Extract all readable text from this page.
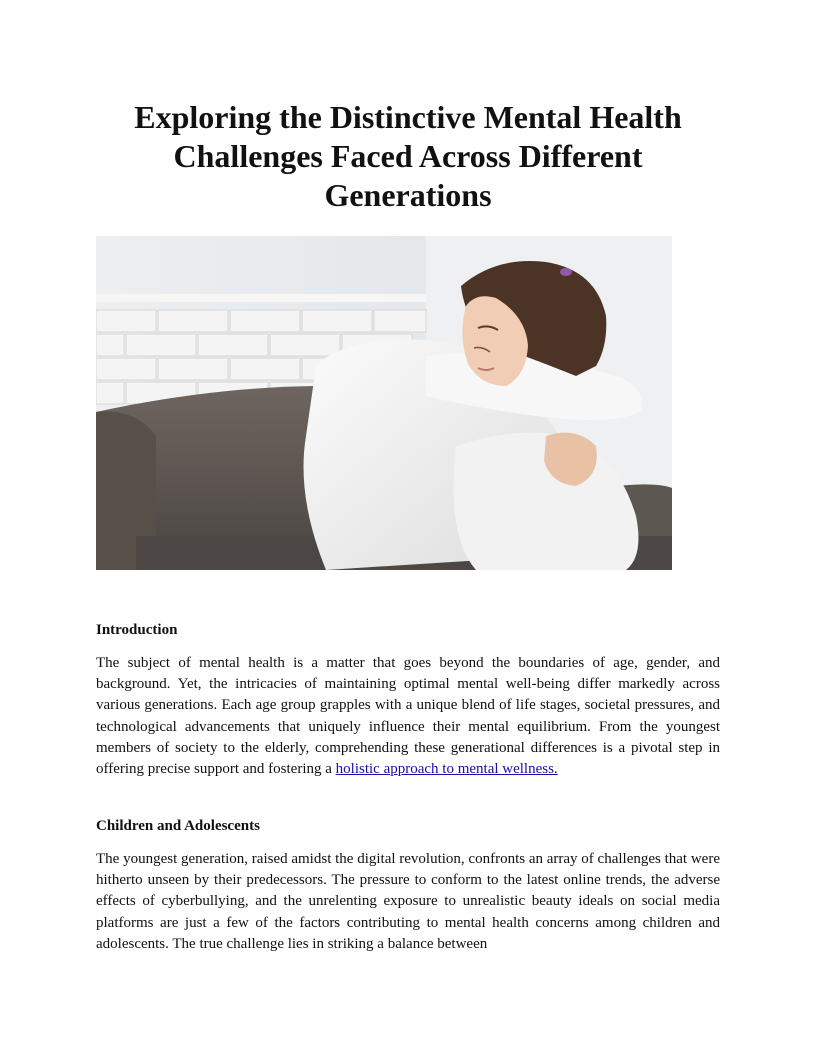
Exploring the Distinctive Mental Health Challenges Faced Across Different Generations
Introduction

The subject of mental health is a matter that goes beyond the boundaries of age, gender, and background. Yet, the intricacies of maintaining optimal mental well-being differ markedly across various generations. Each age group grapples with a unique blend of life stages, societal pressures, and technological advancements that uniquely influence their mental equilibrium. From the youngest members of society to the elderly, comprehending these generational differences is a pivotal step in offering precise support and fostering a holistic approach to mental wellness.

Children and Adolescents

The youngest generation, raised amidst the digital revolution, confronts an array of challenges that were hitherto unseen by their predecessors. The pressure to conform to the latest online trends, the adverse effects of cyberbullying, and the unrelenting exposure to unrealistic beauty ideals on social media platforms are just a few of the factors contributing to mental health concerns among children and adolescents. The true challenge lies in striking a balance between
